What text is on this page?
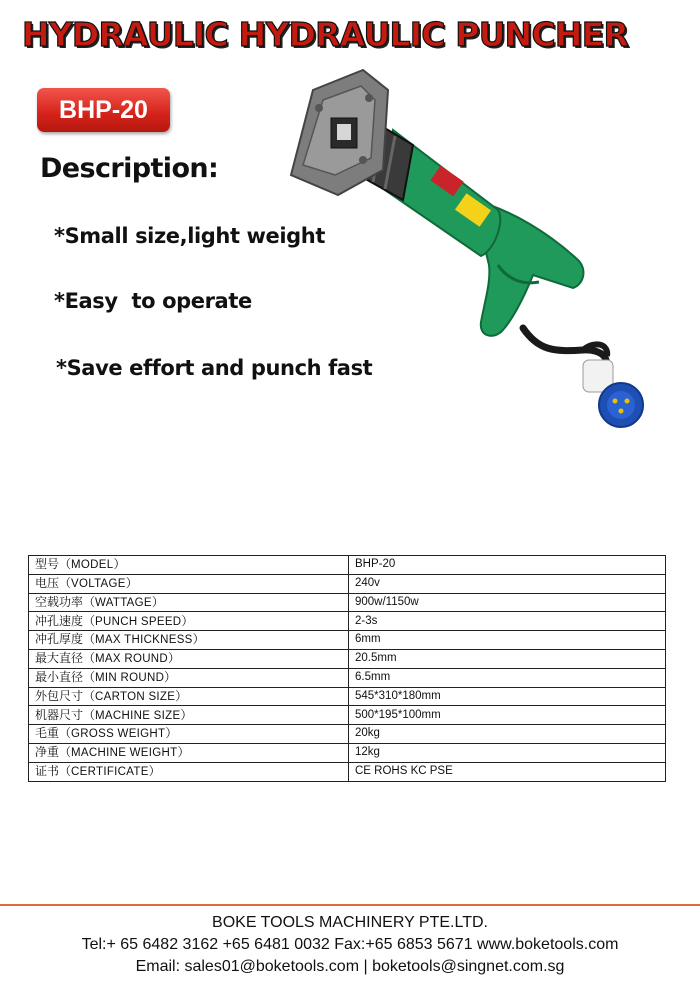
HYDRAULIC HYDRAULIC PUNCHER
BHP-20
Description:

*Small size,light weight

*Easy  to operate

*Save effort and punch fast

型号（MODEL）	BHP-20
电压（VOLTAGE）	240v
空载功率（WATTAGE）	900w/1150w
冲孔速度（PUNCH SPEED）	2-3s
冲孔厚度（MAX THICKNESS）	6mm
最大直径（MAX ROUND）	20.5mm
最小直径（MIN ROUND）	6.5mm
外包尺寸（CARTON SIZE）	545*310*180mm
机器尺寸（MACHINE SIZE）	500*195*100mm
毛重（GROSS WEIGHT）	20kg
净重（MACHINE WEIGHT）	12kg
证书（CERTIFICATE）	CE ROHS KC PSE
BOKE TOOLS MACHINERY PTE.LTD.
Tel:+ 65 6482 3162 +65 6481 0032 Fax:+65 6853 5671 www.boketools.com
Email: sales01@boketools.com | boketools@singnet.com.sg
